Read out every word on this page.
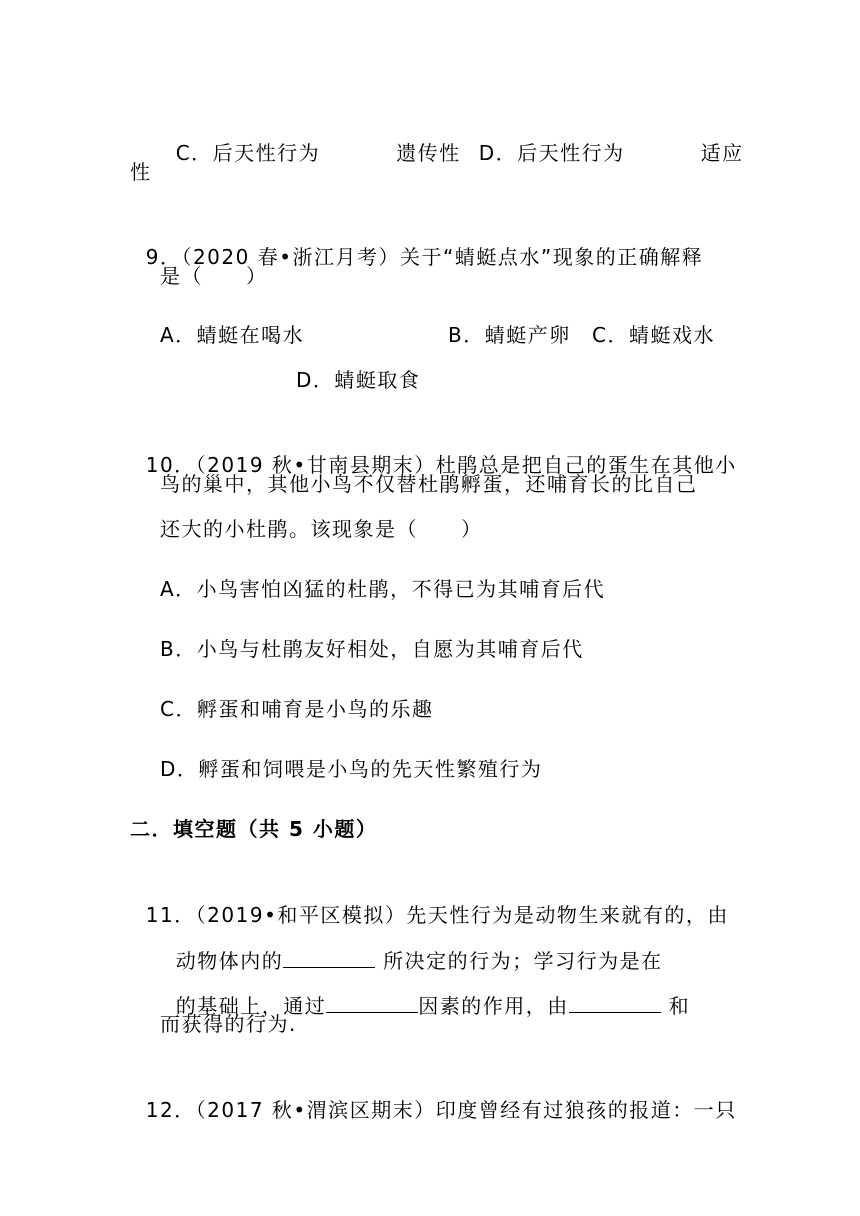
C．后天性行为	遗传性 D．后天性行为	适应

性

9．（2020 春•浙江月考）关于“蜻蜓点水”现象的正确解释

是（　　）
A．蜻蜓在喝水	B．蜻蜓产卵 C．蜻蜓戏水
D．蜻蜓取食

10．（2019 秋•甘南县期末）杜鹃总是把自己的蛋生在其他小

鸟的巢中，其他小鸟不仅替杜鹃孵蛋，还哺育长的比自己
还大的小杜鹃。该现象是（　　）
A．小鸟害怕凶猛的杜鹃，不得已为其哺育后代
B．小鸟与杜鹃友好相处，自愿为其哺育后代
C．孵蛋和哺育是小鸟的乐趣
D．孵蛋和饲喂是小鸟的先天性繁殖行为
二．填空题（共 5 小题）

11．（2019•和平区模拟）先天性行为是动物生来就有的，由

动物体内的	所决定的行为；学习行为是在

的基础上，通过	因素的作用，由	和

而获得的行为.

12．（2017 秋•渭滨区期末）印度曾经有过狼孩的报道：一只
